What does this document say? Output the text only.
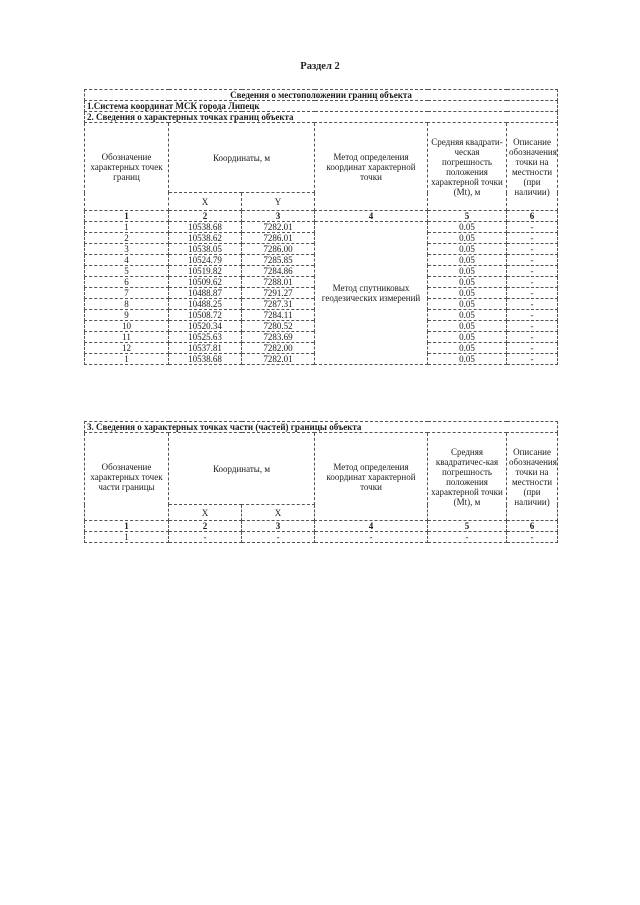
Раздел 2
Сведения о местоположении границ объекта					
1.Система координат МСК города Липецк					
2. Сведения о характерных точках границ объекта					
Обозначение характерных точек границ	Координаты, м		Метод определения координат характерной точки	Средняя квадрати-ческая погрешность положения характерной точки (Mt), м	Описание обозначения точки на местности (при наличии)
	X	Y			
1	2	3	4	5	6
1	10538.68	7282.01	Метод спутниковых геодезических измерений	0.05	-
2	10538.62	7286.01		0.05	-
3	10538.05	7286.00		0.05	-
4	10524.79	7285.85		0.05	-
5	10519.82	7284.86		0.05	-
6	10509.62	7288.01		0.05	-
7	10488.87	7291.27		0.05	-
8	10488.25	7287.31		0.05	-
9	10508.72	7284.11		0.05	-
10	10520.34	7280.52		0.05	-
11	10525.63	7283.69		0.05	-
12	10537.81	7282.00		0.05	-
1	10538.68	7282.01		0.05	-
3. Сведения о характерных точках части (частей) границы объекта					
Обозначение характерных точек части границы	Координаты, м		Метод определения координат характерной точки	Средняя квадратичес-кая погрешность положения характерной точки (Mt), м	Описание обозначения точки на местности (при наличии)
	X	X			
1	2	3	4	5	6
1	-	-	-	-	-
